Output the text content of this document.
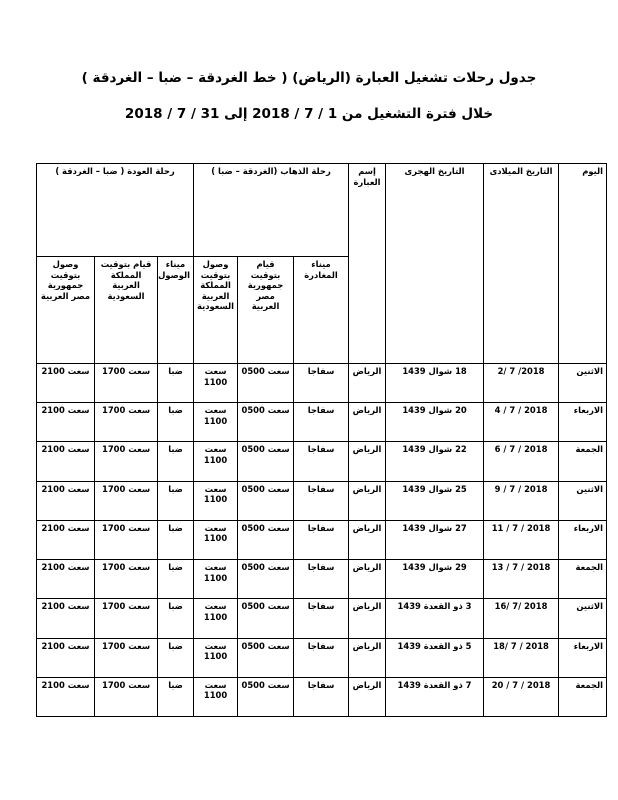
جدول رحلات تشغيل العبارة (الرياض) ( خط الغردقة – ضبا – الغردقة )
خلال فترة التشغيل من 1 / 7 / 2018 إلى 31 / 7 / 2018
اليوم	التاريخ الميلادى	التاريخ الهجرى	إسم العبارة	رحلة الذهاب (الغردقة – ضبا )			رحلة العودة ( ضبا – الغردقة )		
				ميناء المغادرة	قيام بتوقيت جمهورية مصر العربية	وصول بتوقيت المملكة العربية السعودية	ميناء الوصول	قيام بتوقيت المملكة العربية السعودية	وصول بتوقيت جمهورية مصر العربية
الاثنين	2018/ 7 /2	18 شوال 1439	الرياض	سفاجا	سعت 0500	سعت 1100	ضبا	سعت 1700	سعت 2100
الاربعاء	2018 / 7 / 4	20 شوال 1439	الرياض	سفاجا	سعت 0500	سعت 1100	ضبا	سعت 1700	سعت 2100
الجمعة	2018 / 7 / 6	22 شوال 1439	الرياض	سفاجا	سعت 0500	سعت 1100	ضبا	سعت 1700	سعت 2100
الاثنين	2018 / 7 / 9	25 شوال 1439	الرياض	سفاجا	سعت 0500	سعت 1100	ضبا	سعت 1700	سعت 2100
الاربعاء	2018 / 7 / 11	27 شوال 1439	الرياض	سفاجا	سعت 0500	سعت 1100	ضبا	سعت 1700	سعت 2100
الجمعة	2018 / 7 / 13	29 شوال 1439	الرياض	سفاجا	سعت 0500	سعت 1100	ضبا	سعت 1700	سعت 2100
الاثنين	2018 /7 /16	3 ذو القعدة 1439	الرياض	سفاجا	سعت 0500	سعت 1100	ضبا	سعت 1700	سعت 2100
الاربعاء	2018 / 7 /18	5 ذو القعدة 1439	الرياض	سفاجا	سعت 0500	سعت 1100	ضبا	سعت 1700	سعت 2100
الجمعة	2018 / 7 / 20	7 ذو القعدة 1439	الرياض	سفاجا	سعت 0500	سعت 1100	ضبا	سعت 1700	سعت 2100
